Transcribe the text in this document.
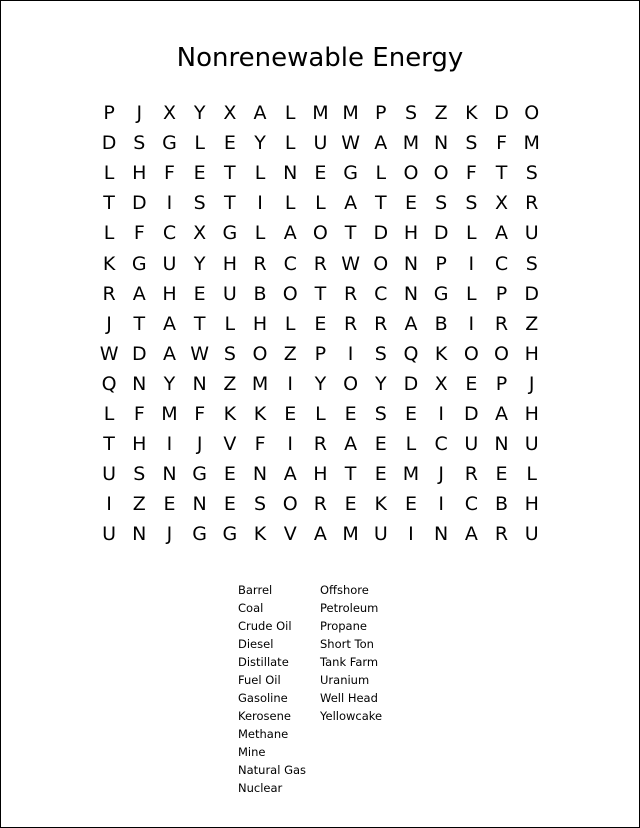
Nonrenewable Energy
P	J	X Y X A L M M P S Z K D O
D S G L E Y	L U W A M N S F M
L H F E T	L N E G L O O F T S
T D	I	S T	I	L	L A T E S S X R
L	F C X G L A O T D H D L A U
K G U Y H R C R W O N P	I	C S
R A H E U B O T R C N G L	P D
J	T A T	L H L E R R A B	I	R Z
W D A W S O Z P	I	S Q K O O H
Q N Y N Z M	I	Y O Y D X E P	J
L	F M F K K E L E S E	I	D A H
T H	I	J	V F	I	R A E L C U N U
U S N G E N A H T E M	J	R E L
I	Z E N E S O R E K E	I	C B H
U N	J	G G K V A M U	I	N A R U
Barrel
Coal
Crude Oil
Diesel
Distillate
Fuel Oil
Gasoline
Kerosene
Methane
Mine
Natural Gas
Nuclear
Offshore
Petroleum
Propane
Short Ton
Tank Farm
Uranium
Well Head
Yellowcake
